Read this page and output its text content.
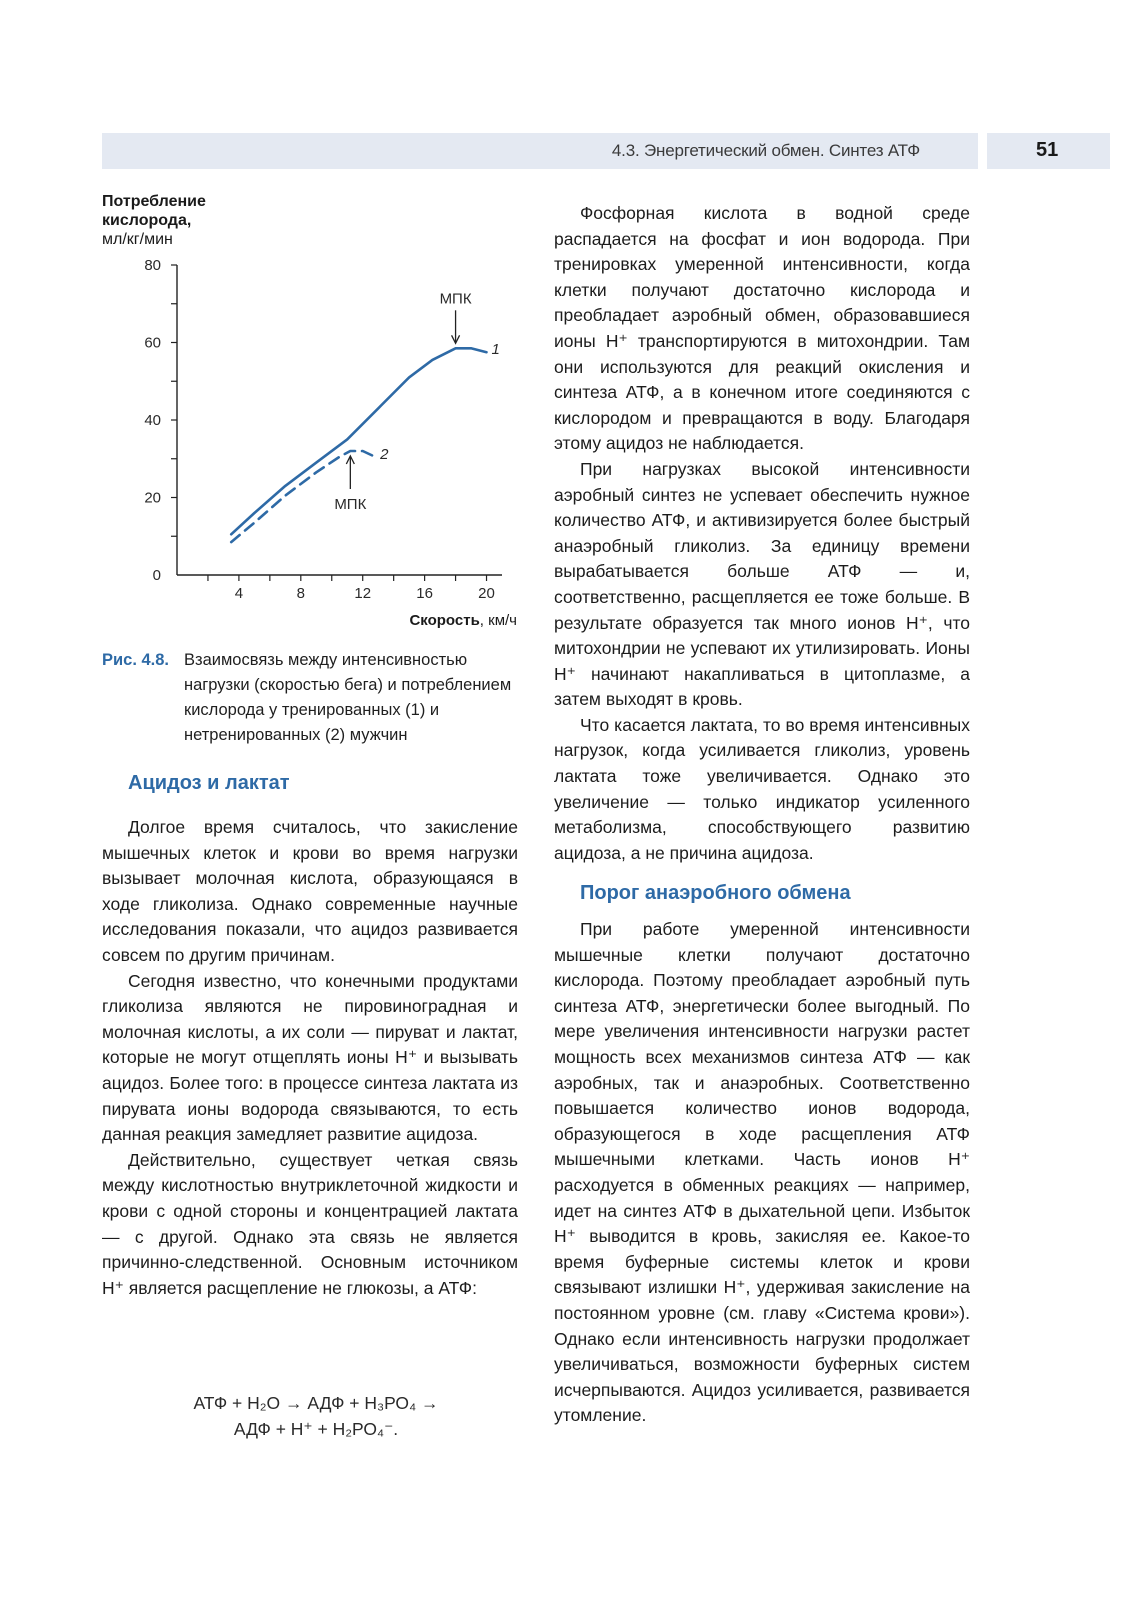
4.3. Энергетический обмен. Синтез АТФ	51
Потребление
кислорода,
мл/кг/мин
0
20
40
60
80
4	8	12	16	20
Скорость, км/ч
1
2
МПК
МПК
Рис. 4.8. Взаимосвязь между интенсивностью нагрузки (скоростью бега) и потреблением кислорода у тренированных (1) и нетренированных (2) мужчин
Ацидоз и лактат

Долгое время считалось, что закисление мышечных клеток и крови во время нагрузки вызывает молочная кислота, образующаяся в ходе гликолиза. Однако современные научные исследования показали, что ацидоз развивается совсем по другим причинам.

Сегодня известно, что конечными продуктами гликолиза являются не пировиноградная и молочная кислоты, а их соли — пируват и лактат, которые не могут отщеплять ионы Н⁺ и вызывать ацидоз. Более того: в процессе синтеза лактата из пирувата ионы водорода связываются, то есть данная реакция замедляет развитие ацидоза.

Действительно, существует четкая связь между кислотностью внутриклеточной жидкости и крови с одной стороны и концентрацией лактата — с другой. Однако эта связь не является причинно-следственной. Основным источником Н⁺ является расщепление не глюкозы, а АТФ:

АТФ + Н₂О → АДФ + Н₃РО₄ →
АДФ + Н⁺ + Н₂РО₄⁻.

Фосфорная кислота в водной среде распадается на фосфат и ион водорода. При тренировках умеренной интенсивности, когда клетки получают достаточно кислорода и преобладает аэробный обмен, образовавшиеся ионы Н⁺ транспортируются в митохондрии. Там они используются для реакций окисления и синтеза АТФ, а в конечном итоге соединяются с кислородом и превращаются в воду. Благодаря этому ацидоз не наблюдается.

При нагрузках высокой интенсивности аэробный синтез не успевает обеспечить нужное количество АТФ, и активизируется более быстрый анаэробный гликолиз. За единицу времени вырабатывается больше АТФ — и, соответственно, расщепляется ее тоже больше. В результате образуется так много ионов Н⁺, что митохондрии не успевают их утилизировать. Ионы Н⁺ начинают накапливаться в цитоплазме, а затем выходят в кровь.

Что касается лактата, то во время интенсивных нагрузок, когда усиливается гликолиз, уровень лактата тоже увеличивается. Однако это увеличение — только индикатор усиленного метаболизма, способствующего развитию ацидоза, а не причина ацидоза.

Порог анаэробного обмена

При работе умеренной интенсивности мышечные клетки получают достаточно кислорода. Поэтому преобладает аэробный путь синтеза АТФ, энергетически более выгодный. По мере увеличения интенсивности нагрузки растет мощность всех механизмов синтеза АТФ — как аэробных, так и анаэробных. Соответственно повышается количество ионов водорода, образующегося в ходе расщепления АТФ мышечными клетками. Часть ионов Н⁺ расходуется в обменных реакциях — например, идет на синтез АТФ в дыхательной цепи. Избыток Н⁺ выводится в кровь, закисляя ее. Какое-то время буферные системы клеток и крови связывают излишки Н⁺, удерживая закисление на постоянном уровне (см. главу «Система крови»). Однако если интенсивность нагрузки продолжает увеличиваться, возможности буферных систем исчерпываются. Ацидоз усиливается, развивается утомление.
